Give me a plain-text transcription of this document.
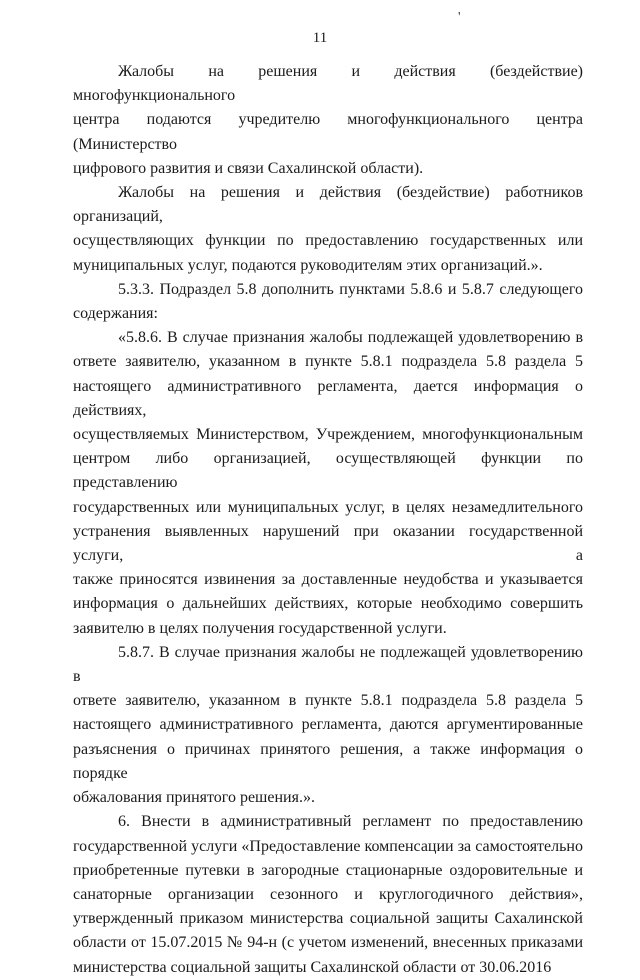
'
11

Жалобы на решения и действия (бездействие) многофункционального
центра подаются учредителю многофункционального центра (Министерство
цифрового развития и связи Сахалинской области).

Жалобы на решения и действия (бездействие) работников организаций,
осуществляющих функции по предоставлению государственных или
муниципальных услуг, подаются руководителям этих организаций.».

5.3.3. Подраздел 5.8 дополнить пунктами 5.8.6 и 5.8.7 следующего
содержания:

«5.8.6. В случае признания жалобы подлежащей удовлетворению в
ответе заявителю, указанном в пункте 5.8.1 подраздела 5.8 раздела 5
настоящего административного регламента, дается информация о действиях,
осуществляемых Министерством, Учреждением, многофункциональным
центром либо организацией, осуществляющей функции по представлению
государственных или муниципальных услуг, в целях незамедлительного
устранения выявленных нарушений при оказании государственной услуги, а
также приносятся извинения за доставленные неудобства и указывается
информация о дальнейших действиях, которые необходимо совершить
заявителю в целях получения государственной услуги.

5.8.7. В случае признания жалобы не подлежащей удовлетворению в
ответе заявителю, указанном в пункте 5.8.1 подраздела 5.8 раздела 5
настоящего административного регламента, даются аргументированные
разъяснения о причинах принятого решения, а также информация о порядке
обжалования принятого решения.».

6. Внести в административный регламент по предоставлению
государственной услуги «Предоставление компенсации за самостоятельно
приобретенные путевки в загородные стационарные оздоровительные и
санаторные организации сезонного и круглогодичного действия»,
утвержденный приказом министерства социальной защиты Сахалинской
области от 15.07.2015 № 94-н (с учетом изменений, внесенных приказами
министерства социальной защиты Сахалинской области от 30.06.2016
